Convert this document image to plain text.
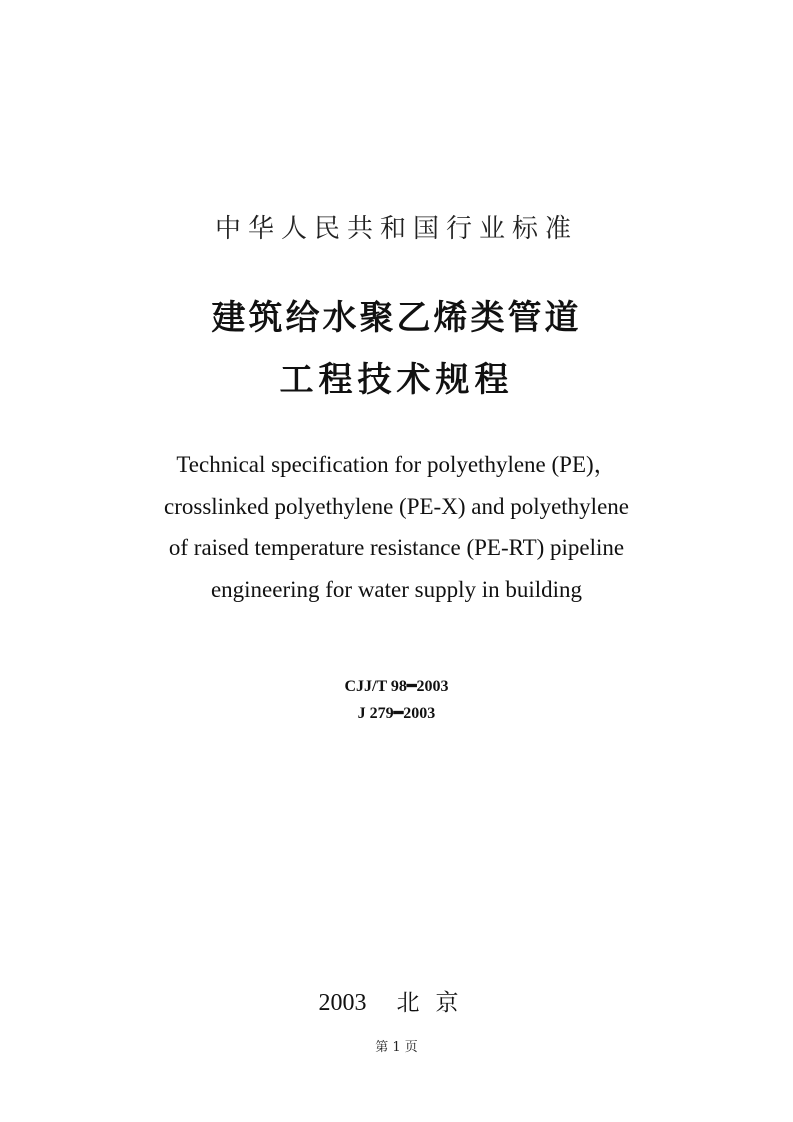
中华人民共和国行业标准
建筑给水聚乙烯类管道
工程技术规程
Technical specification for polyethylene (PE)，
crosslinked polyethylene (PE-X) and polyethylene
of raised temperature resistance (PE-RT) pipeline
engineering for water supply in building
CJJ/T 98━2003
J 279━2003
2003 北京
第 1 页
